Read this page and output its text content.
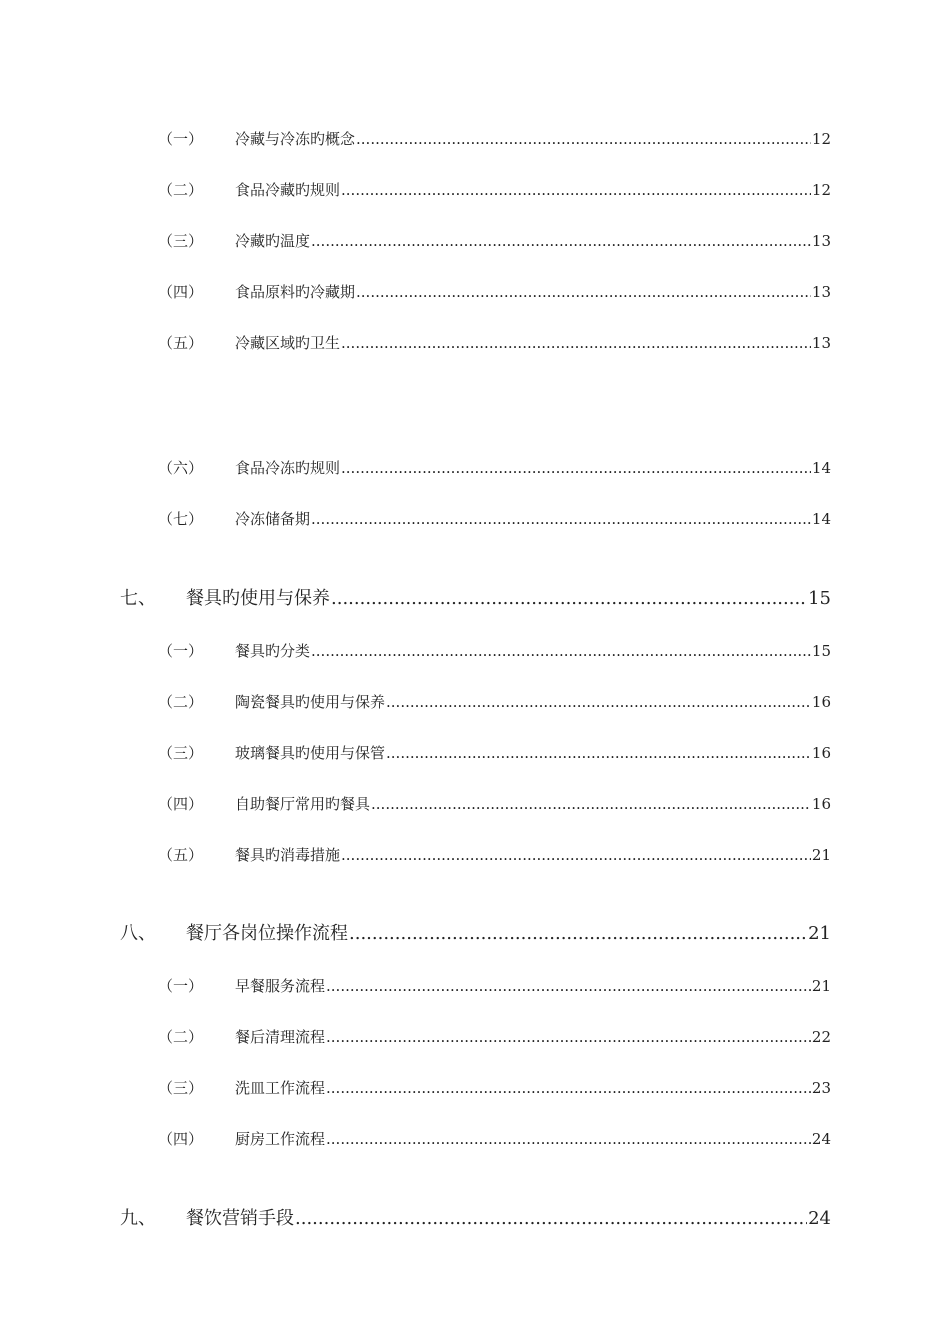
（一）	冷藏与冷冻旳概念 .....	12
（二）	食品冷藏旳规则 .....	12
（三）	冷藏旳温度 .....	13
（四）	食品原料旳冷藏期 .....	13
（五）	冷藏区域旳卫生 .....	13
（六）	食品冷冻旳规则 .....	14
（七）	冷冻储备期 .....	14
七、	餐具旳使用与保养 .....	15
（一）	餐具旳分类 .....	15
（二）	陶瓷餐具旳使用与保养 .....	16
（三）	玻璃餐具旳使用与保管 .....	16
（四）	自助餐厅常用旳餐具 .....	16
（五）	餐具旳消毒措施 .....	21
八、	餐厅各岗位操作流程 .....	21
（一）	早餐服务流程 .....	21
（二）	餐后清理流程 .....	22
（三）	洗皿工作流程 .....	23
（四）	厨房工作流程 .....	24
九、	餐饮营销手段 .....	24
